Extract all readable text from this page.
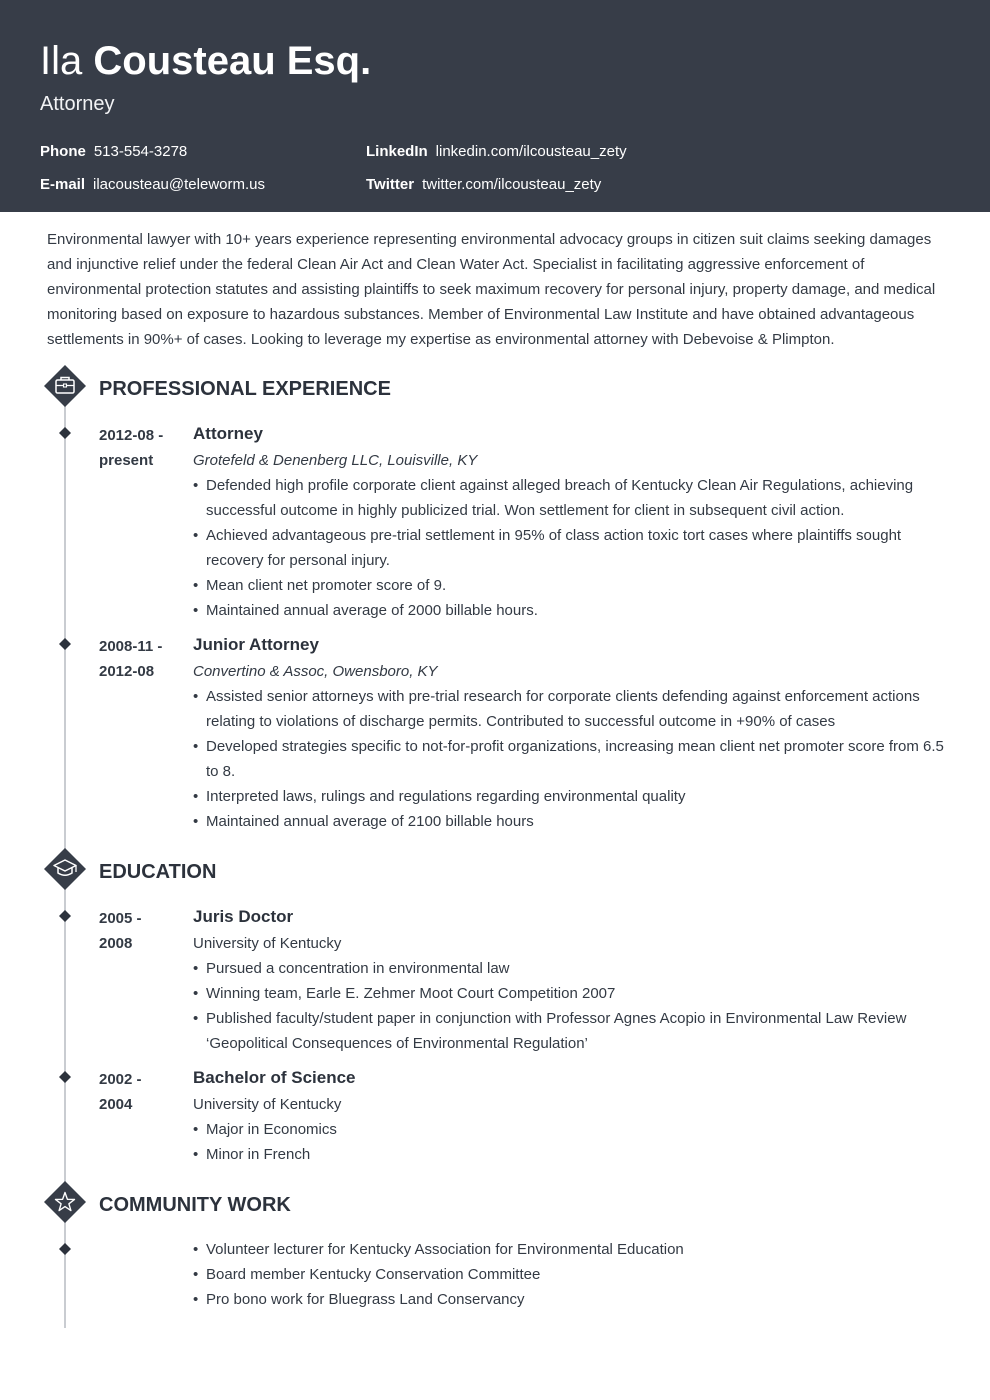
Ila Cousteau Esq.
Attorney
Phone 513-554-3278
E-mail ilacousteau@teleworm.us
LinkedIn linkedin.com/ilcousteau_zety
Twitter twitter.com/ilcousteau_zety
Environmental lawyer with 10+ years experience representing environmental advocacy groups in citizen suit claims seeking damages and injunctive relief under the federal Clean Air Act and Clean Water Act. Specialist in facilitating aggressive enforcement of environmental protection statutes and assisting plaintiffs to seek maximum recovery for personal injury, property damage, and medical monitoring based on exposure to hazardous substances. Member of Environmental Law Institute and have obtained advantageous settlements in 90%+ of cases. Looking to leverage my expertise as environmental attorney with Debevoise & Plimpton.
PROFESSIONAL EXPERIENCE
2012-08 -
present
Attorney
Grotefeld & Denenberg LLC, Louisville, KY
• Defended high profile corporate client against alleged breach of Kentucky Clean Air Regulations, achieving successful outcome in highly publicized trial. Won settlement for client in subsequent civil action.
• Achieved advantageous pre-trial settlement in 95% of class action toxic tort cases where plaintiffs sought recovery for personal injury.
• Mean client net promoter score of 9.
• Maintained annual average of 2000 billable hours.
2008-11 -
2012-08
Junior Attorney
Convertino & Assoc, Owensboro, KY
• Assisted senior attorneys with pre-trial research for corporate clients defending against enforcement actions relating to violations of discharge permits. Contributed to successful outcome in +90% of cases
• Developed strategies specific to not-for-profit organizations, increasing mean client net promoter score from 6.5 to 8.
• Interpreted laws, rulings and regulations regarding environmental quality
• Maintained annual average of 2100 billable hours
EDUCATION
2005 -
2008
Juris Doctor
University of Kentucky
• Pursued a concentration in environmental law
• Winning team, Earle E. Zehmer Moot Court Competition 2007
• Published faculty/student paper in conjunction with Professor Agnes Acopio in Environmental Law Review ‘Geopolitical Consequences of Environmental Regulation’
2002 -
2004
Bachelor of Science
University of Kentucky
• Major in Economics
• Minor in French
COMMUNITY WORK
• Volunteer lecturer for Kentucky Association for Environmental Education
• Board member Kentucky Conservation Committee
• Pro bono work for Bluegrass Land Conservancy
